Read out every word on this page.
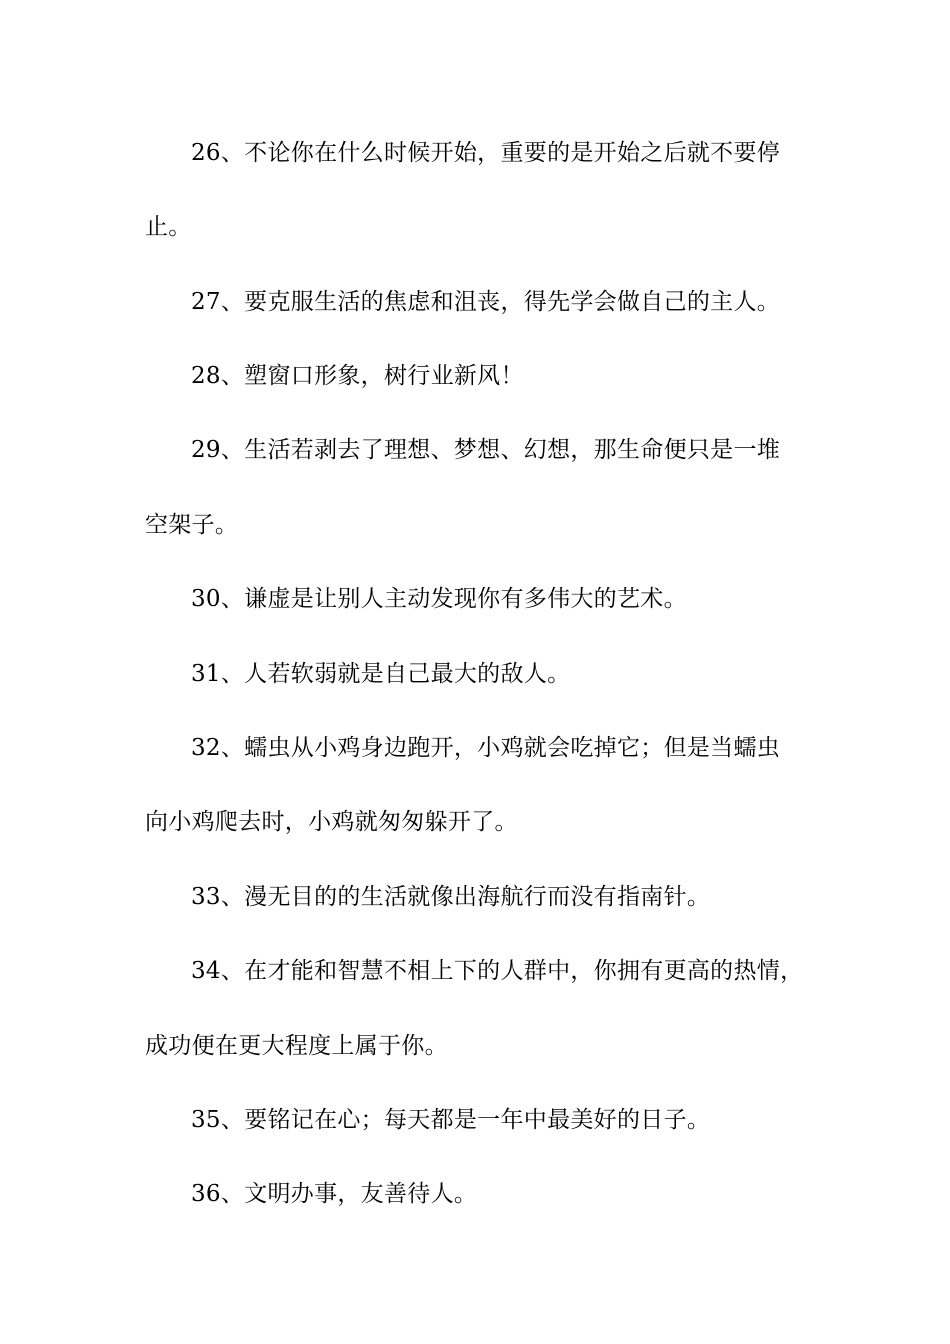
26、不论你在什么时候开始，重要的是开始之后就不要停
止。
27、要克服生活的焦虑和沮丧，得先学会做自己的主人。
28、塑窗口形象，树行业新风！
29、生活若剥去了理想、梦想、幻想，那生命便只是一堆
空架子。
30、谦虚是让别人主动发现你有多伟大的艺术。
31、人若软弱就是自己最大的敌人。
32、蠕虫从小鸡身边跑开，小鸡就会吃掉它；但是当蠕虫
向小鸡爬去时，小鸡就匆匆躲开了。
33、漫无目的的生活就像出海航行而没有指南针。
34、在才能和智慧不相上下的人群中，你拥有更高的热情，
成功便在更大程度上属于你。
35、要铭记在心；每天都是一年中最美好的日子。
36、文明办事，友善待人。
